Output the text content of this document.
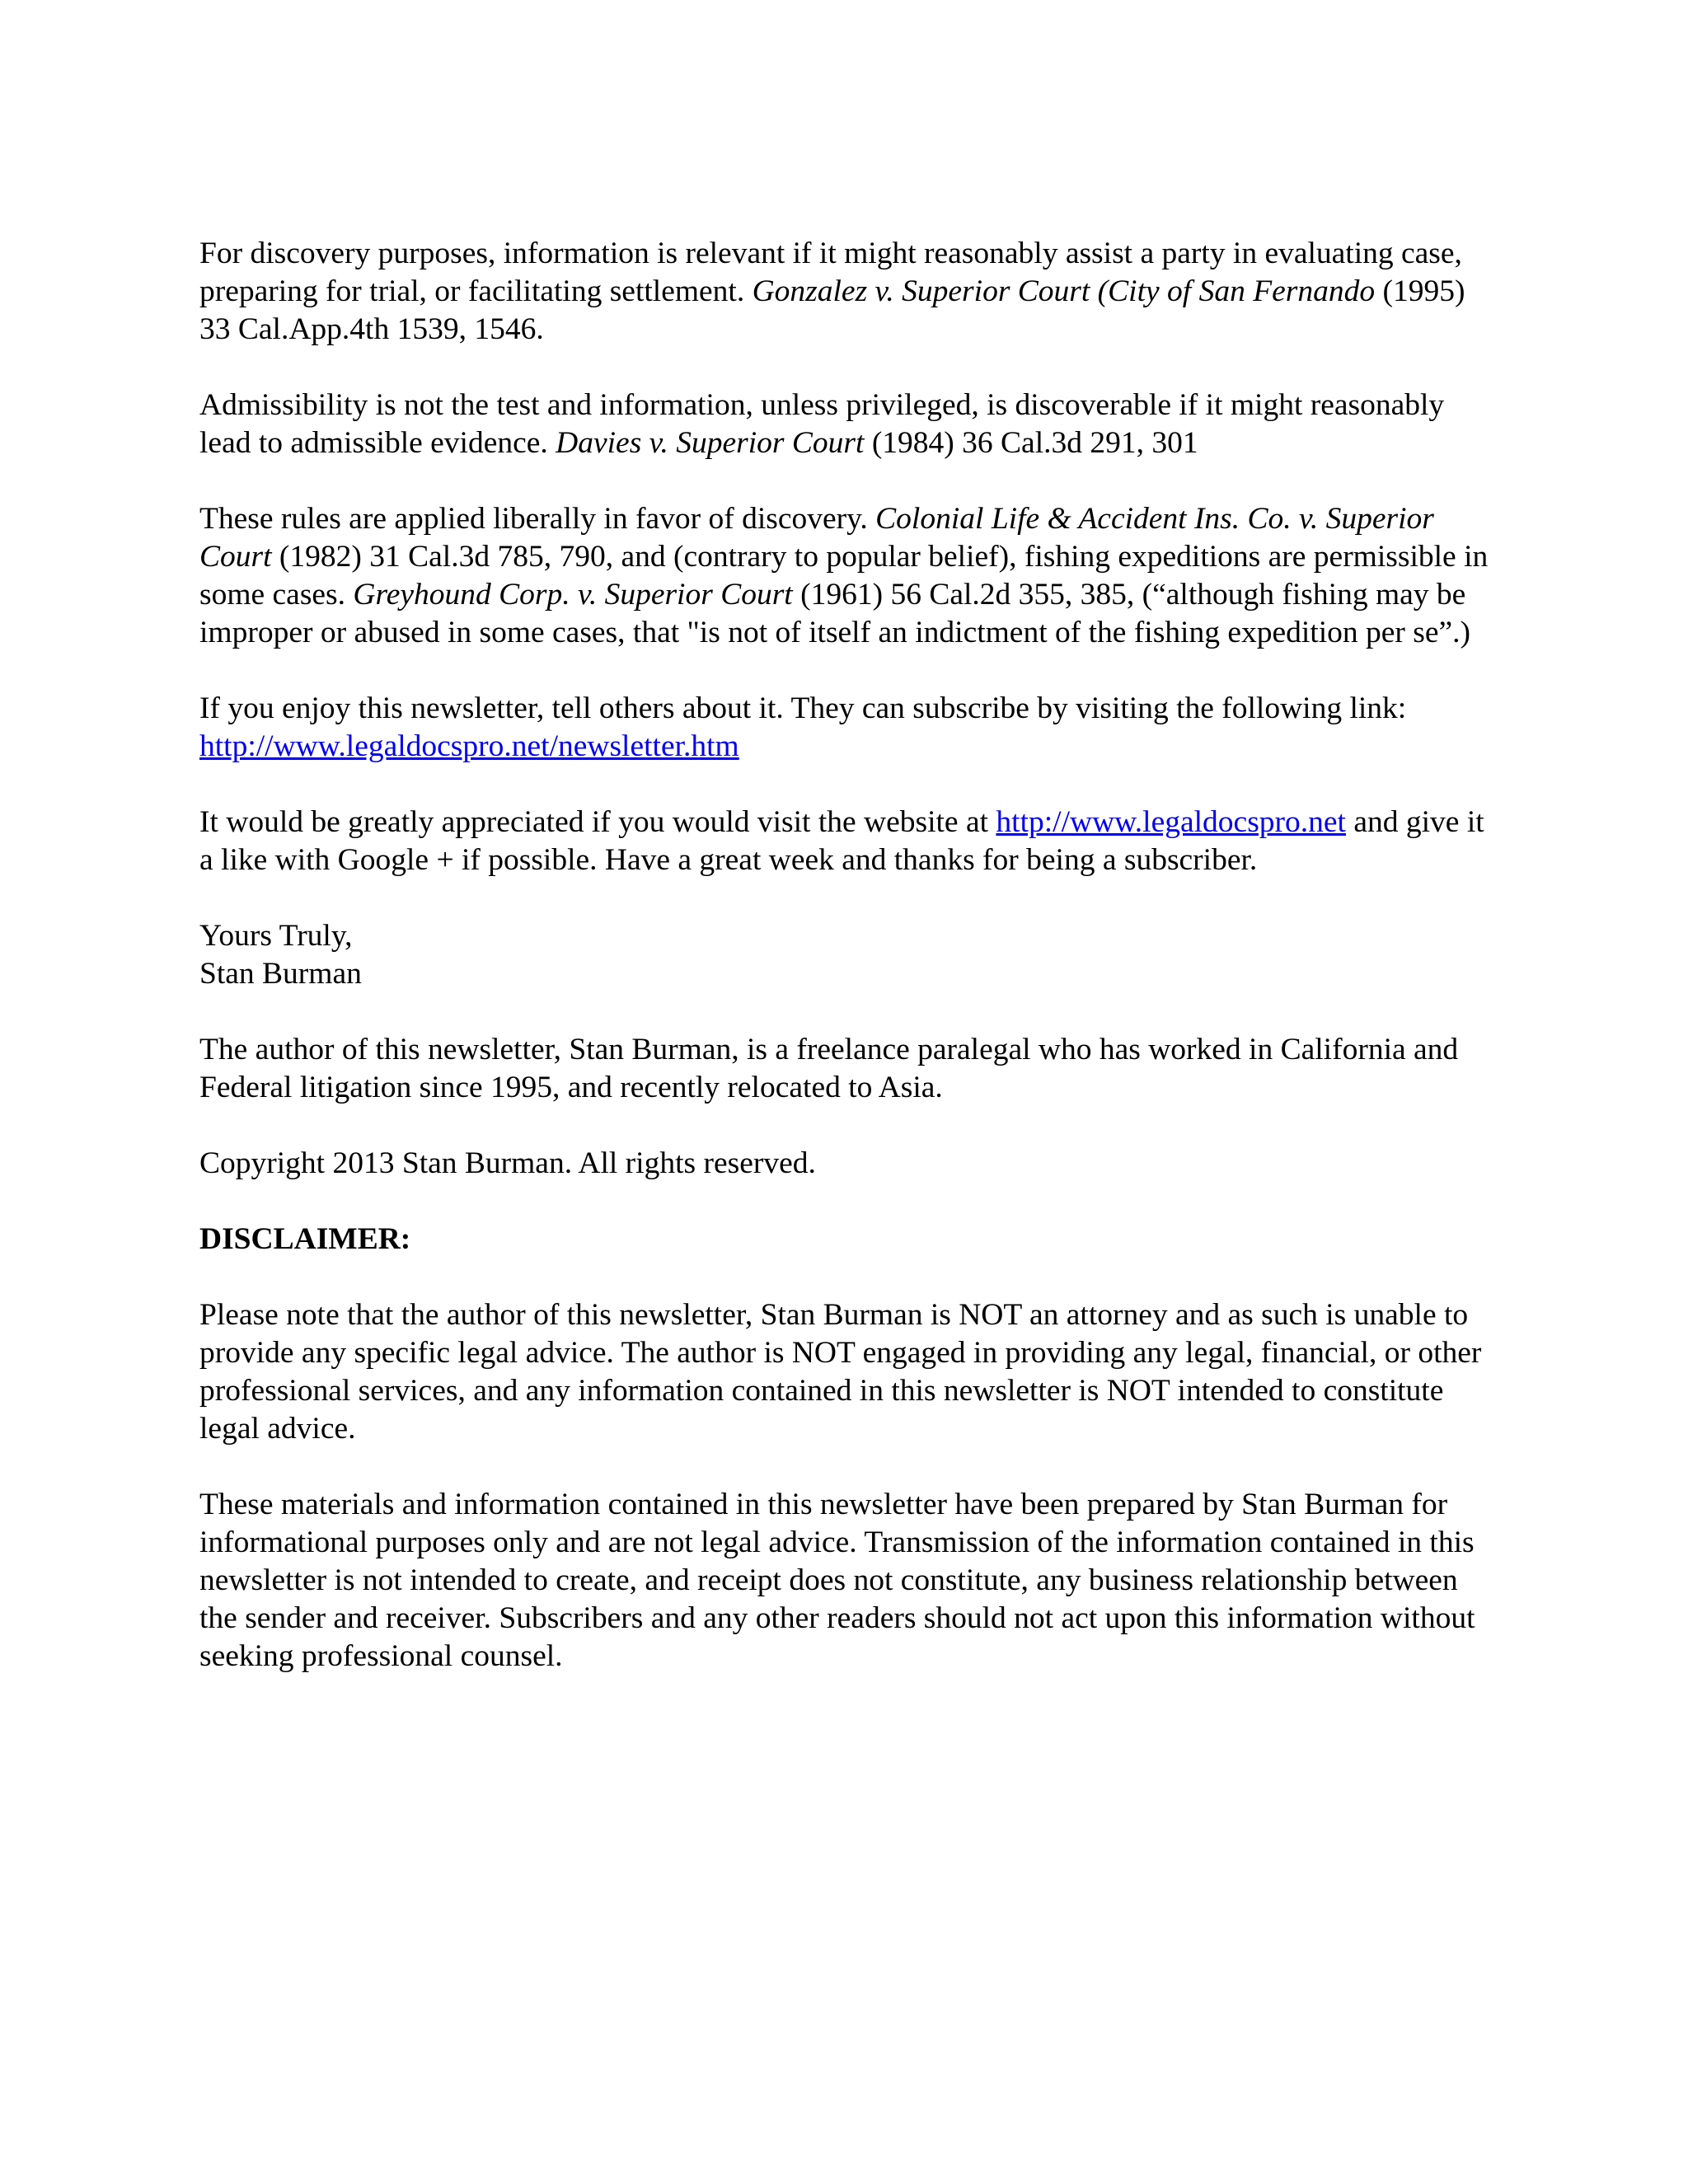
For discovery purposes, information is relevant if it might reasonably assist a party in evaluating case, preparing for trial, or facilitating settlement. Gonzalez v. Superior Court (City of San Fernando (1995) 33 Cal.App.4th 1539, 1546.

Admissibility is not the test and information, unless privileged, is discoverable if it might reasonably lead to admissible evidence. Davies v. Superior Court (1984) 36 Cal.3d 291, 301

These rules are applied liberally in favor of discovery. Colonial Life & Accident Ins. Co. v. Superior Court (1982) 31 Cal.3d 785, 790, and (contrary to popular belief), fishing expeditions are permissible in some cases. Greyhound Corp. v. Superior Court (1961) 56 Cal.2d 355, 385, (“although fishing may be improper or abused in some cases, that "is not of itself an indictment of the fishing expedition per se”.)

If you enjoy this newsletter, tell others about it. They can subscribe by visiting the following link: http://www.legaldocspro.net/newsletter.htm

It would be greatly appreciated if you would visit the website at http://www.legaldocspro.net and give it a like with Google + if possible. Have a great week and thanks for being a subscriber.

Yours Truly,
Stan Burman

The author of this newsletter, Stan Burman, is a freelance paralegal who has worked in California and Federal litigation since 1995, and recently relocated to Asia.

Copyright 2013 Stan Burman. All rights reserved.

DISCLAIMER:

Please note that the author of this newsletter, Stan Burman is NOT an attorney and as such is unable to provide any specific legal advice. The author is NOT engaged in providing any legal, financial, or other professional services, and any information contained in this newsletter is NOT intended to constitute legal advice.

These materials and information contained in this newsletter have been prepared by Stan Burman for informational purposes only and are not legal advice. Transmission of the information contained in this newsletter is not intended to create, and receipt does not constitute, any business relationship between the sender and receiver. Subscribers and any other readers should not act upon this information without seeking professional counsel.
